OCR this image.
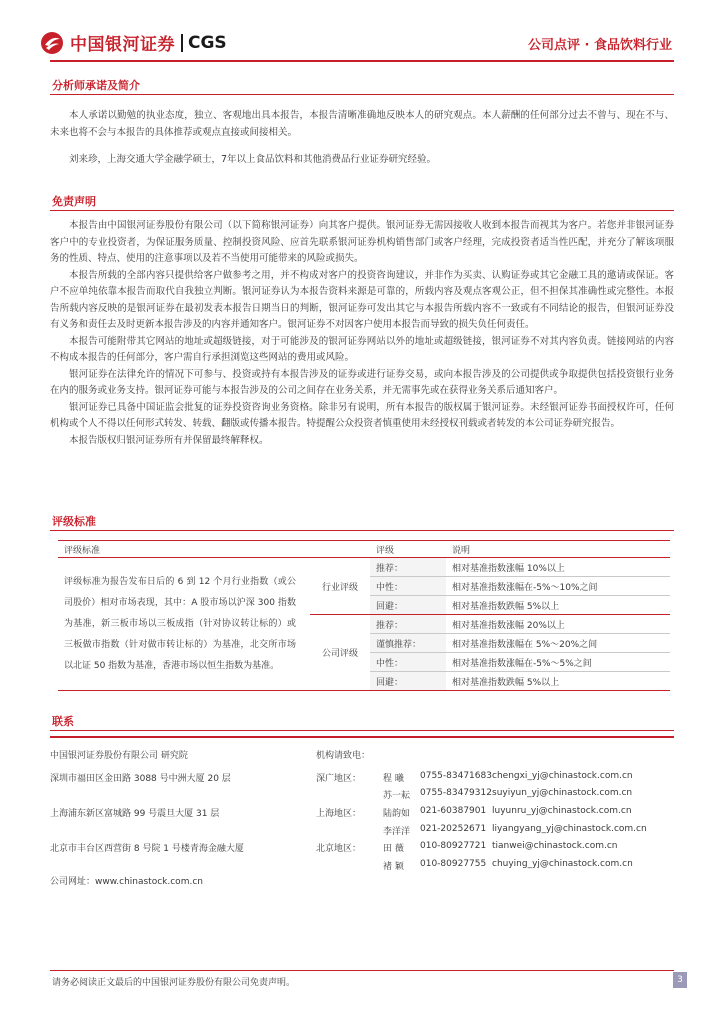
中国银河证券 CGS	公司点评 · 食品饮料行业
分析师承诺及简介

本人承诺以勤勉的执业态度，独立、客观地出具本报告，本报告清晰准确地反映本人的研究观点。本人薪酬的任何部分过去不曾与、现在不与、未来也将不会与本报告的具体推荐或观点直接或间接相关。

刘来珍，上海交通大学金融学硕士，7年以上食品饮料和其他消费品行业证券研究经验。

免责声明

本报告由中国银河证券股份有限公司（以下简称银河证券）向其客户提供。银河证券无需因接收人收到本报告而视其为客户。若您并非银河证券客户中的专业投资者，为保证服务质量、控制投资风险、应首先联系银河证券机构销售部门或客户经理，完成投资者适当性匹配，并充分了解该项服务的性质、特点、使用的注意事项以及若不当使用可能带来的风险或损失。

本报告所载的全部内容只提供给客户做参考之用，并不构成对客户的投资咨询建议，并非作为买卖、认购证券或其它金融工具的邀请或保证。客户不应单纯依靠本报告而取代自我独立判断。银河证券认为本报告资料来源是可靠的，所载内容及观点客观公正，但不担保其准确性或完整性。本报告所载内容反映的是银河证券在最初发表本报告日期当日的判断，银河证券可发出其它与本报告所载内容不一致或有不同结论的报告，但银河证券没有义务和责任去及时更新本报告涉及的内容并通知客户。银河证券不对因客户使用本报告而导致的损失负任何责任。

本报告可能附带其它网站的地址或超级链接，对于可能涉及的银河证券网站以外的地址或超级链接，银河证券不对其内容负责。链接网站的内容不构成本报告的任何部分，客户需自行承担浏览这些网站的费用或风险。

银河证券在法律允许的情况下可参与、投资或持有本报告涉及的证券或进行证券交易，或向本报告涉及的公司提供或争取提供包括投资银行业务在内的服务或业务支持。银河证券可能与本报告涉及的公司之间存在业务关系，并无需事先或在获得业务关系后通知客户。

银河证券已具备中国证监会批复的证券投资咨询业务资格。除非另有说明，所有本报告的版权属于银河证券。未经银河证券书面授权许可，任何机构或个人不得以任何形式转发、转载、翻版或传播本报告。特提醒公众投资者慎重使用未经授权刊载或者转发的本公司证券研究报告。

本报告版权归银河证券所有并保留最终解释权。

评级标准
评级标准		评级	说明
评级标准为报告发布日后的 6 到 12 个月行业指数（或公司股价）相对市场表现，其中：A 股市场以沪深 300 指数为基准，新三板市场以三板成指（针对协议转让标的）或三板做市指数（针对做市转让标的）为基准，北交所市场以北证 50 指数为基准，香港市场以恒生指数为基准。	行业评级	推荐：	相对基准指数涨幅 10%以上
		中性：	相对基准指数涨幅在-5%～10%之间
		回避：	相对基准指数跌幅 5%以上
	公司评级	推荐：	相对基准指数涨幅 20%以上
		谨慎推荐：	相对基准指数涨幅在 5%～20%之间
		中性：	相对基准指数涨幅在-5%～5%之间
		回避：	相对基准指数跌幅 5%以上
联系
中国银河证券股份有限公司 研究院	机构请致电：
深圳市福田区金田路 3088 号中洲大厦 20 层	深广地区： 程 曦 0755-83471683 chengxi_yj@chinastock.com.cn
苏一耘 0755-83479312 suyiyun_yj@chinastock.com.cn
上海浦东新区富城路 99 号震旦大厦 31 层	上海地区： 陆韵如 021-60387901 luyunru_yj@chinastock.com.cn
李洋洋 021-20252671 liyangyang_yj@chinastock.com.cn
北京市丰台区西营街 8 号院 1 号楼青海金融大厦	北京地区： 田 薇 010-80927721 tianwei@chinastock.com.cn
褚 颖 010-80927755 chuying_yj@chinastock.com.cn
公司网址：www.chinastock.com.cn
请务必阅读正文最后的中国银河证券股份有限公司免责声明。	3
